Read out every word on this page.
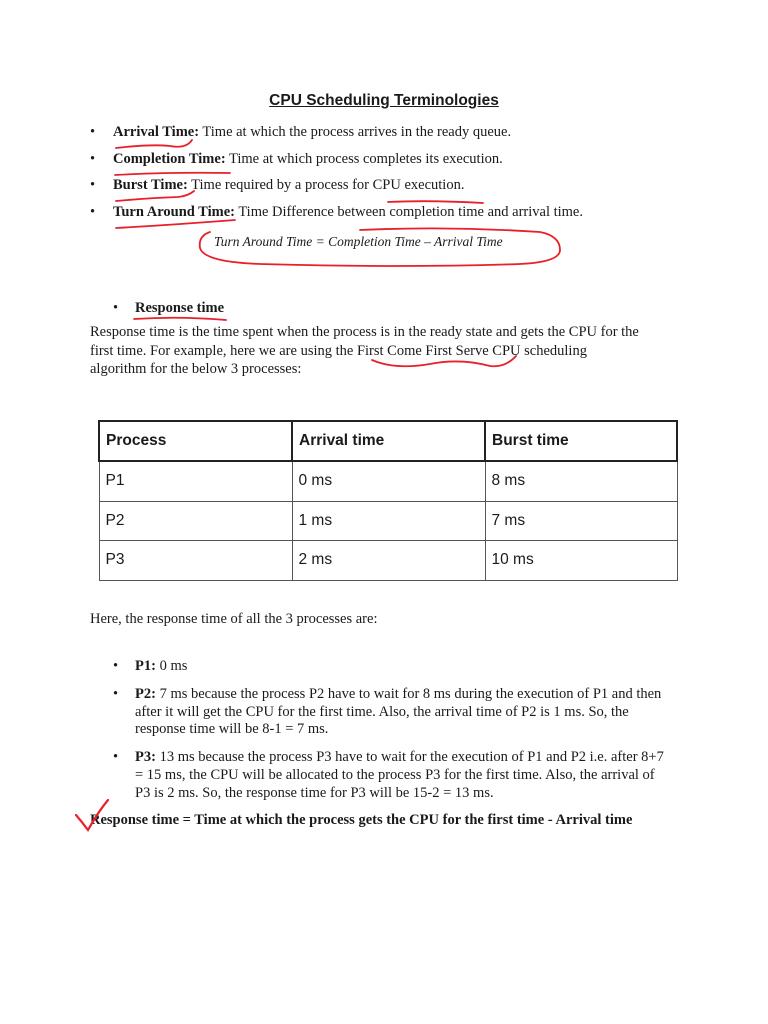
CPU Scheduling Terminologies
• Arrival Time: Time at which the process arrives in the ready queue.
• Completion Time: Time at which process completes its execution.
• Burst Time: Time required by a process for CPU execution.
• Turn Around Time: Time Difference between completion time and arrival time.
Turn Around Time = Completion Time – Arrival Time
• Response time
Response time is the time spent when the process is in the ready state and gets the CPU for the
first time. For example, here we are using the First Come First Serve CPU scheduling
algorithm for the below 3 processes:
Process	Arrival time	Burst time
P1	0 ms	8 ms
P2	1 ms	7 ms
P3	2 ms	10 ms
Here, the response time of all the 3 processes are:
• P1: 0 ms
• P2: 7 ms because the process P2 have to wait for 8 ms during the execution of P1 and then after it will get the CPU for the first time. Also, the arrival time of P2 is 1 ms. So, the response time will be 8-1 = 7 ms.
• P3: 13 ms because the process P3 have to wait for the execution of P1 and P2 i.e. after 8+7 = 15 ms, the CPU will be allocated to the process P3 for the first time. Also, the arrival of P3 is 2 ms. So, the response time for P3 will be 15-2 = 13 ms.
Response time = Time at which the process gets the CPU for the first time - Arrival time
